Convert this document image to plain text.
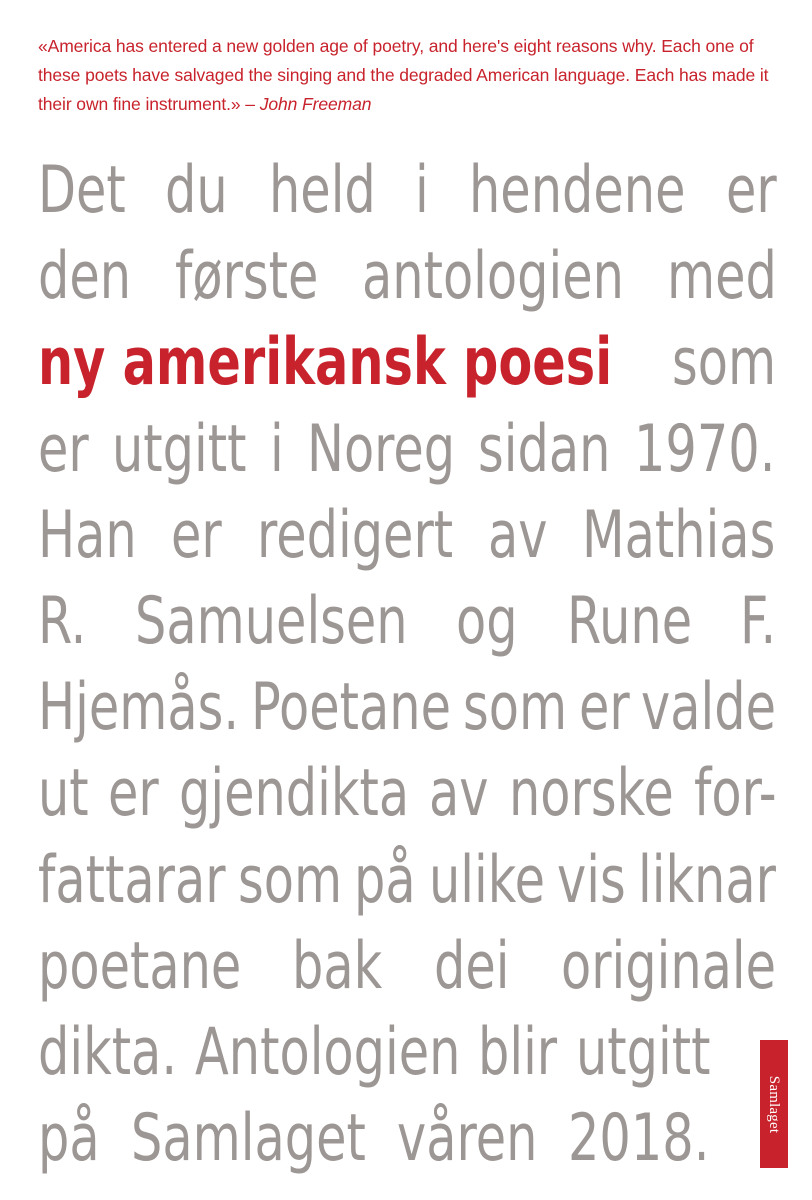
«America has entered a new golden age of poetry, and here's eight reasons why. Each one of these poets have salvaged the singing and the degraded American language. Each has made it their own fine instrument.» – John Freeman
Det du held i hendene er
den første antologien med
ny amerikansk poesi som
er utgitt i Noreg sidan 1970.
Han er redigert av Mathias
R. Samuelsen og Rune F.
Hjemås. Poetane som er valde
ut er gjendikta av norske for-
fattarar som på ulike vis liknar
poetane bak dei originale
dikta. Antologien blir utgitt
på Samlaget våren 2018.	Samlaget
